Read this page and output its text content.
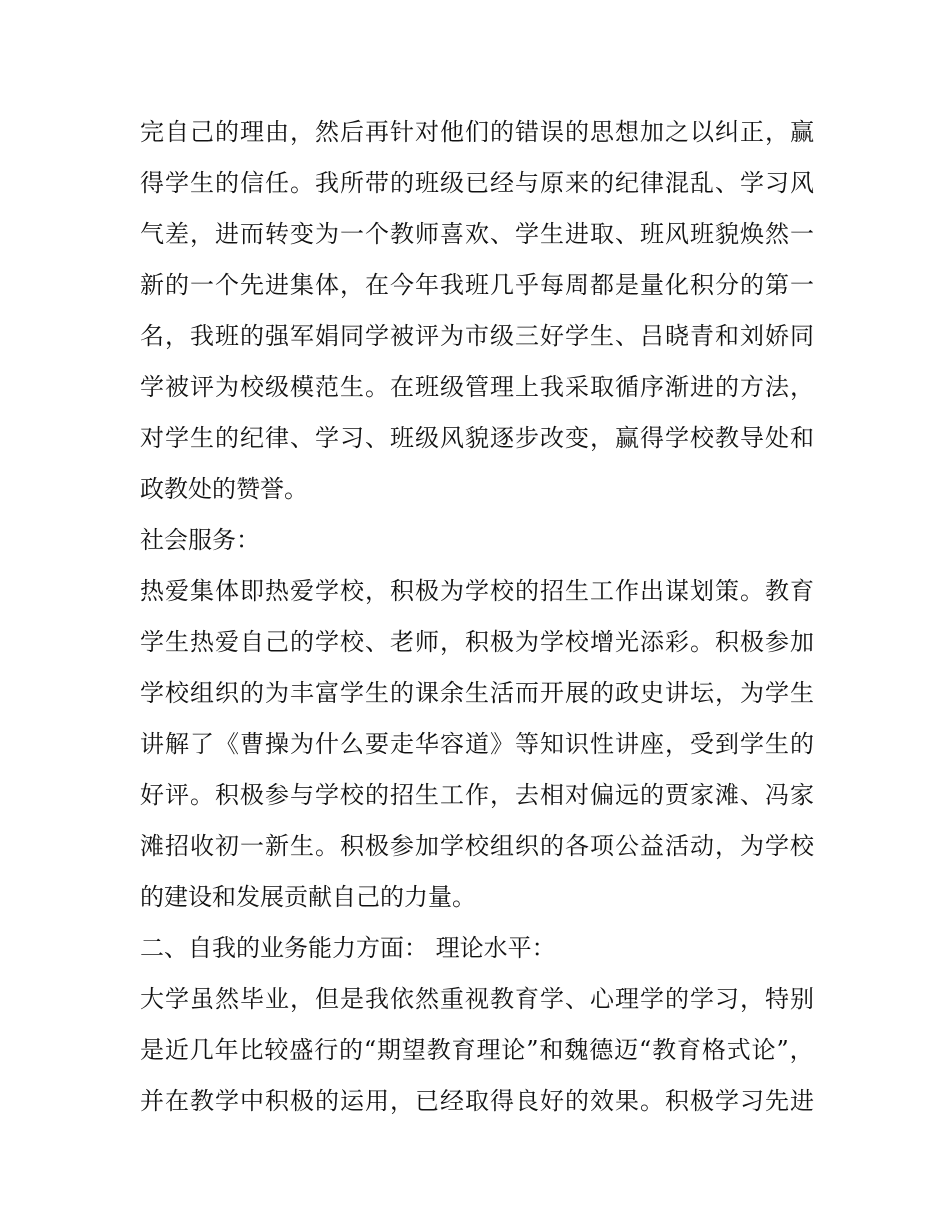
完 自 己 的 理 由 ， 然 后 再 针 对 他 们 的 错 误 的 思 想 加 之 以 纠 正 ， 赢
得 学 生 的 信 任 。 我 所 带 的 班 级 已 经 与 原 来 的 纪 律 混 乱 、 学 习 风
气 差 ， 进 而 转 变 为 一 个 教 师 喜 欢 、 学 生 进 取 、 班 风 班 貌 焕 然 一
新 的 一 个 先 进 集 体 ， 在 今 年 我 班 几 乎 每 周 都 是 量 化 积 分 的 第 一
名 ， 我 班 的 强 军 娟 同 学 被 评 为 市 级 三 好 学 生 、 吕 晓 青 和 刘 娇 同
学 被 评 为 校 级 模 范 生 。 在 班 级 管 理 上 我 采 取 循 序 渐 进 的 方 法 ，
对 学 生 的 纪 律 、 学 习 、 班 级 风 貌 逐 步 改 变 ， 赢 得 学 校 教 导 处 和
政教处的赞誉。
社会服务：
热 爱 集 体 即 热 爱 学 校 ， 积 极 为 学 校 的 招 生 工 作 出 谋 划 策 。 教 育
学 生 热 爱 自 己 的 学 校 、 老 师 ， 积 极 为 学 校 增 光 添 彩 。 积 极 参 加
学 校 组 织 的 为 丰 富 学 生 的 课 余 生 活 而 开 展 的 政 史 讲 坛 ， 为 学 生
讲 解 了 《 曹 操 为 什 么 要 走 华 容 道 》 等 知 识 性 讲 座 ， 受 到 学 生 的
好 评 。 积 极 参 与 学 校 的 招 生 工 作 ， 去 相 对 偏 远 的 贾 家 滩 、 冯 家
滩 招 收 初 一 新 生 。 积 极 参 加 学 校 组 织 的 各 项 公 益 活 动 ， 为 学 校
的建设和发展贡献自己的力量。
二、自我的业务能力方面： 理论水平：
大 学 虽 然 毕 业 ， 但 是 我 依 然 重 视 教 育 学 、 心 理 学 的 学 习 ， 特 别
是 近 几 年 比 较 盛 行 的 “ 期 望 教 育 理 论 ” 和 魏 德 迈 “ 教 育 格 式 论 ” ，
并 在 教 学 中 积 极 的 运 用 ， 已 经 取 得 良 好 的 效 果 。 积 极 学 习 先 进
